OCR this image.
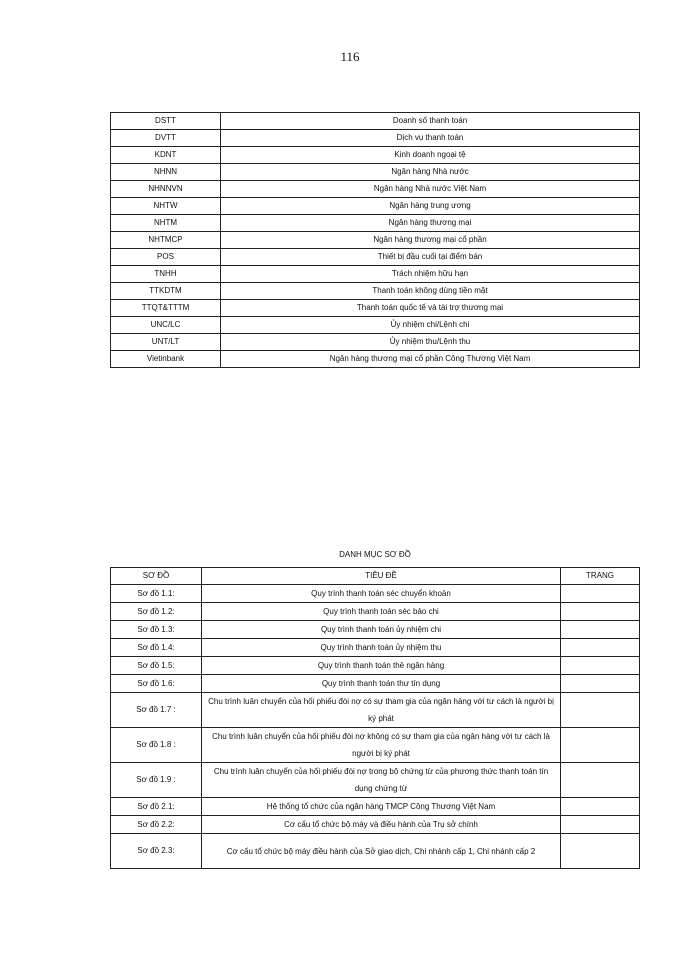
116
DSTT	Doanh số thanh toán
DVTT	Dịch vụ thanh toán
KDNT	Kinh doanh ngoại tệ
NHNN	Ngân hàng Nhà nước
NHNNVN	Ngân hàng Nhà nước Việt Nam
NHTW	Ngân hàng trung ương
NHTM	Ngân hàng thương mại
NHTMCP	Ngân hàng thương mại cổ phần
POS	Thiết bị đầu cuối tại điểm bán
TNHH	Trách nhiệm hữu hạn
TTKDTM	Thanh toán không dùng tiền mặt
TTQT&TTTM	Thanh toán quốc tế và tài trợ thương mại
UNC/LC	Ủy nhiệm chi/Lệnh chi
UNT/LT	Ủy nhiệm thu/Lệnh thu
Vietinbank	Ngân hàng thương mại cổ phần Công Thương Việt Nam
DANH MỤC SƠ ĐỒ
SƠ ĐỒ	TIÊU ĐỀ	TRANG
Sơ đồ 1.1:	Quy trình thanh toán séc chuyển khoản	
Sơ đồ 1.2:	Quy trình thanh toán séc bảo chi	
Sơ đồ 1.3:	Quy trình thanh toán ủy nhiệm chi	
Sơ đồ 1.4:	Quy trình thanh toán ủy nhiệm thu	
Sơ đồ 1.5:	Quy trình thanh toán thẻ ngân hàng	
Sơ đồ 1.6:	Quy trình thanh toán thư tín dụng	
Sơ đồ 1.7 :	Chu trình luân chuyển của hối phiếu đòi nợ có sự tham gia của ngân hàng với tư cách là người bị ký phát	
Sơ đồ 1.8 :	Chu trình luân chuyển của hối phiếu đòi nợ không có sự tham gia của ngân hàng với tư cách là người bị ký phát	
Sơ đồ 1.9 :	Chu trình luân chuyển của hối phiếu đòi nợ trong bộ chứng từ của phương thức thanh toán tín dụng chứng từ	
Sơ đồ 2.1:	Hệ thống tổ chức của ngân hàng TMCP Công Thương Việt Nam	
Sơ đồ 2.2:	Cơ cấu tổ chức bộ máy và điều hành của Trụ sở chính	
Sơ đồ 2.3:	Cơ cấu tổ chức bộ máy điều hành của Sở giao dịch, Chi nhánh cấp 1, Chi nhánh cấp 2	
